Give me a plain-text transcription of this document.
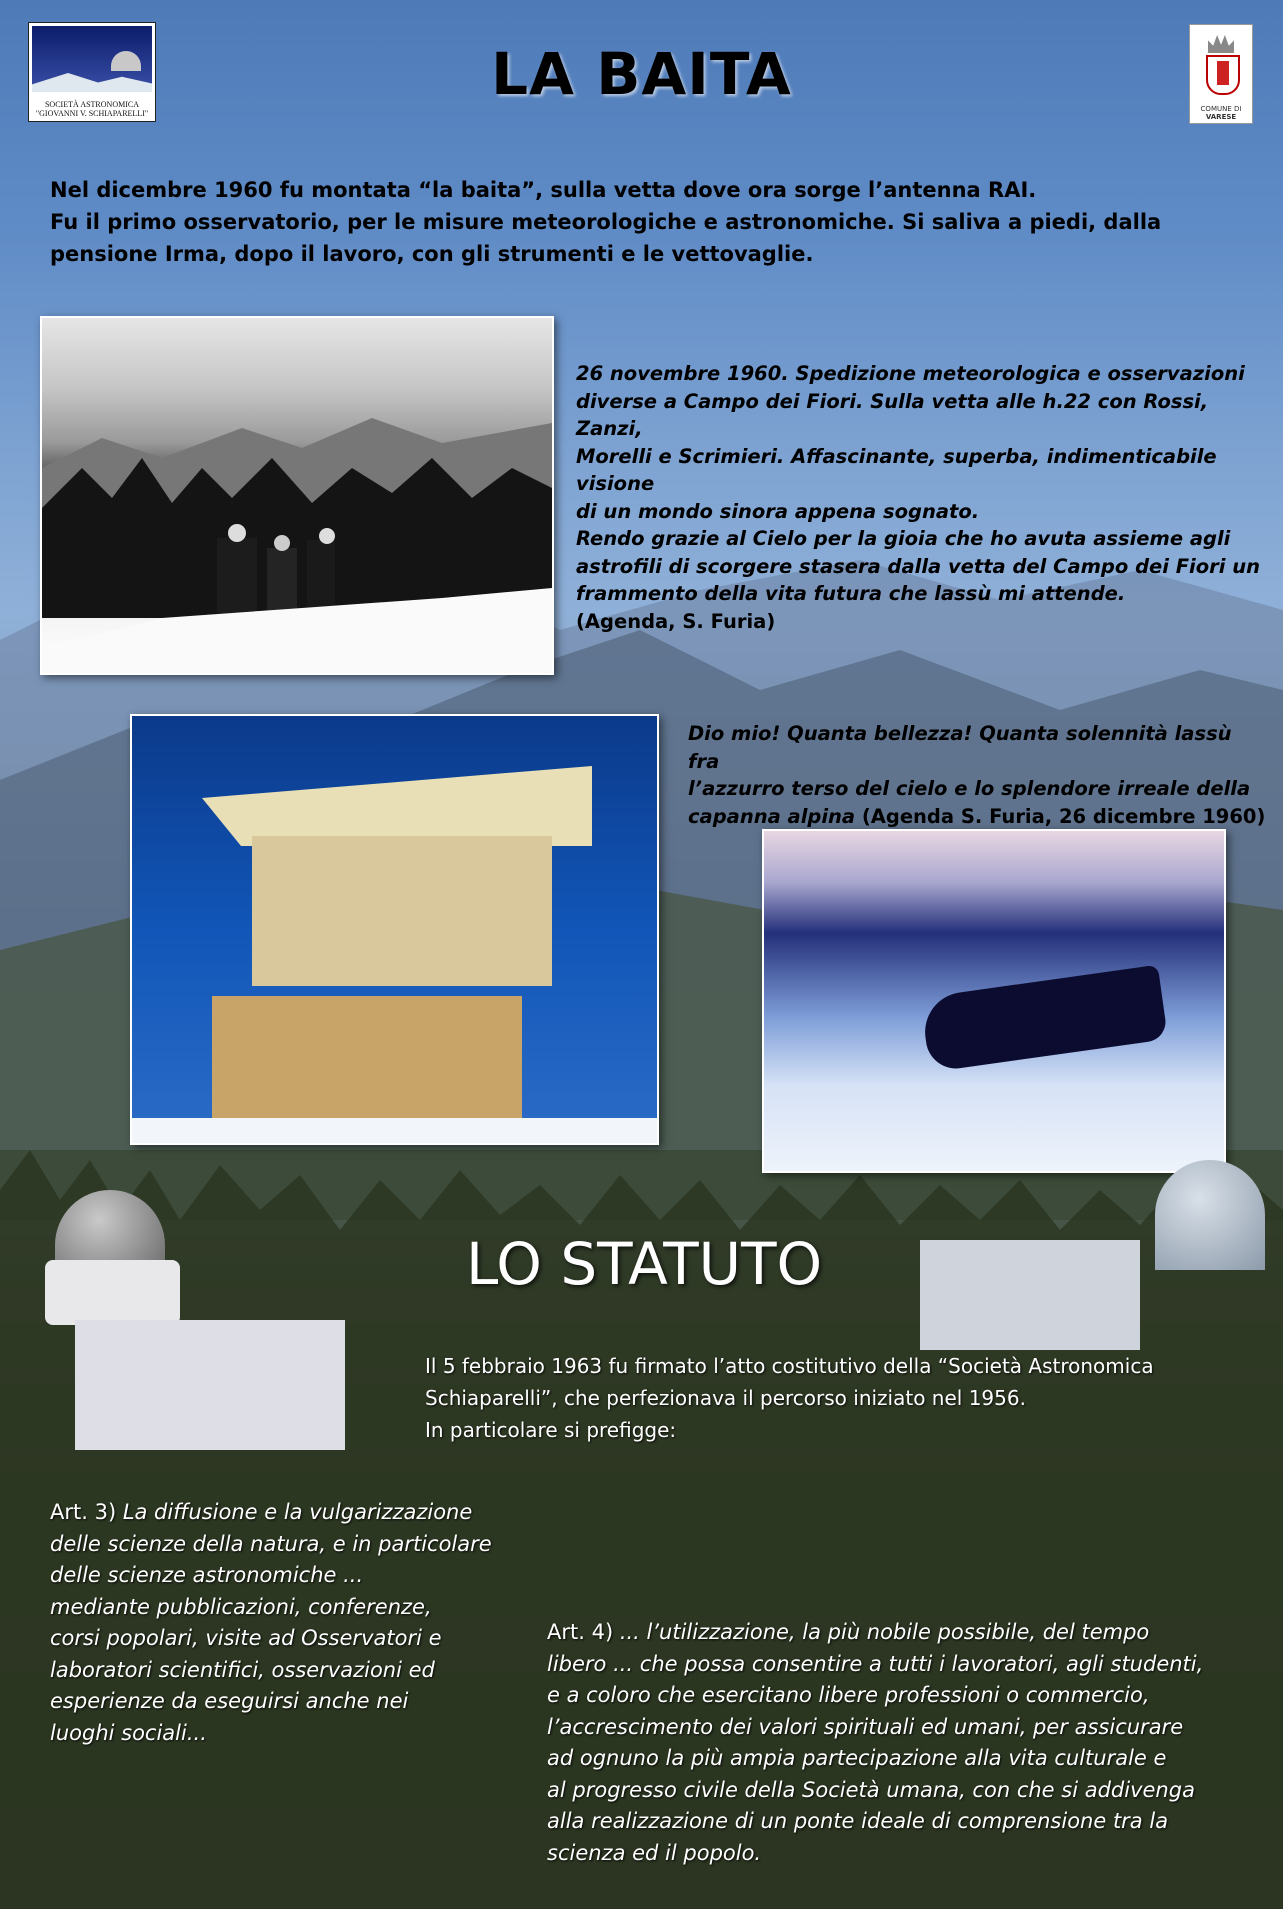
SOCIETÀ ASTRONOMICA
"GIOVANNI V. SCHIAPARELLI"
LA BAITA
COMUNE DI
VARESE

Nel dicembre 1960 fu montata “la baita”, sulla vetta dove ora sorge l’antenna RAI.

Fu il primo osservatorio, per le misure meteorologiche e astronomiche. Si saliva a piedi, dalla

pensione Irma, dopo il lavoro, con gli strumenti e le vettovaglie.

26 novembre 1960. Spedizione meteorologica e osservazioni

diverse a Campo dei Fiori. Sulla vetta alle h.22 con Rossi, Zanzi,

Morelli e Scrimieri. Affascinante, superba, indimenticabile visione

di un mondo sinora appena sognato.

Rendo grazie al Cielo per la gioia che ho avuta assieme agli

astrofili di scorgere stasera dalla vetta del Campo dei Fiori un

frammento della vita futura che lassù mi attende.

(Agenda, S. Furia)

Dio mio! Quanta bellezza! Quanta solennità lassù fra

l’azzurro terso del cielo e lo splendore irreale della

capanna alpina (Agenda S. Furia, 26 dicembre 1960)

LO STATUTO

Il 5 febbraio 1963 fu firmato l’atto costitutivo della “Società Astronomica

Schiaparelli”, che perfezionava il percorso iniziato nel 1956.

In particolare si prefigge:

Art. 3) La diffusione e la vulgarizzazione
delle scienze della natura, e in particolare
delle scienze astronomiche ...
mediante pubblicazioni, conferenze,
corsi popolari, visite ad Osservatori e
laboratori scientifici, osservazioni ed
esperienze da eseguirsi anche nei
luoghi sociali...
Art. 4) ... l’utilizzazione, la più nobile possibile, del tempo
libero ... che possa consentire a tutti i lavoratori, agli studenti,
e a coloro che esercitano libere professioni o commercio,
l’accrescimento dei valori spirituali ed umani, per assicurare
ad ognuno la più ampia partecipazione alla vita culturale e
al progresso civile della Società umana, con che si addivenga
alla realizzazione di un ponte ideale di comprensione tra la
scienza ed il popolo.
